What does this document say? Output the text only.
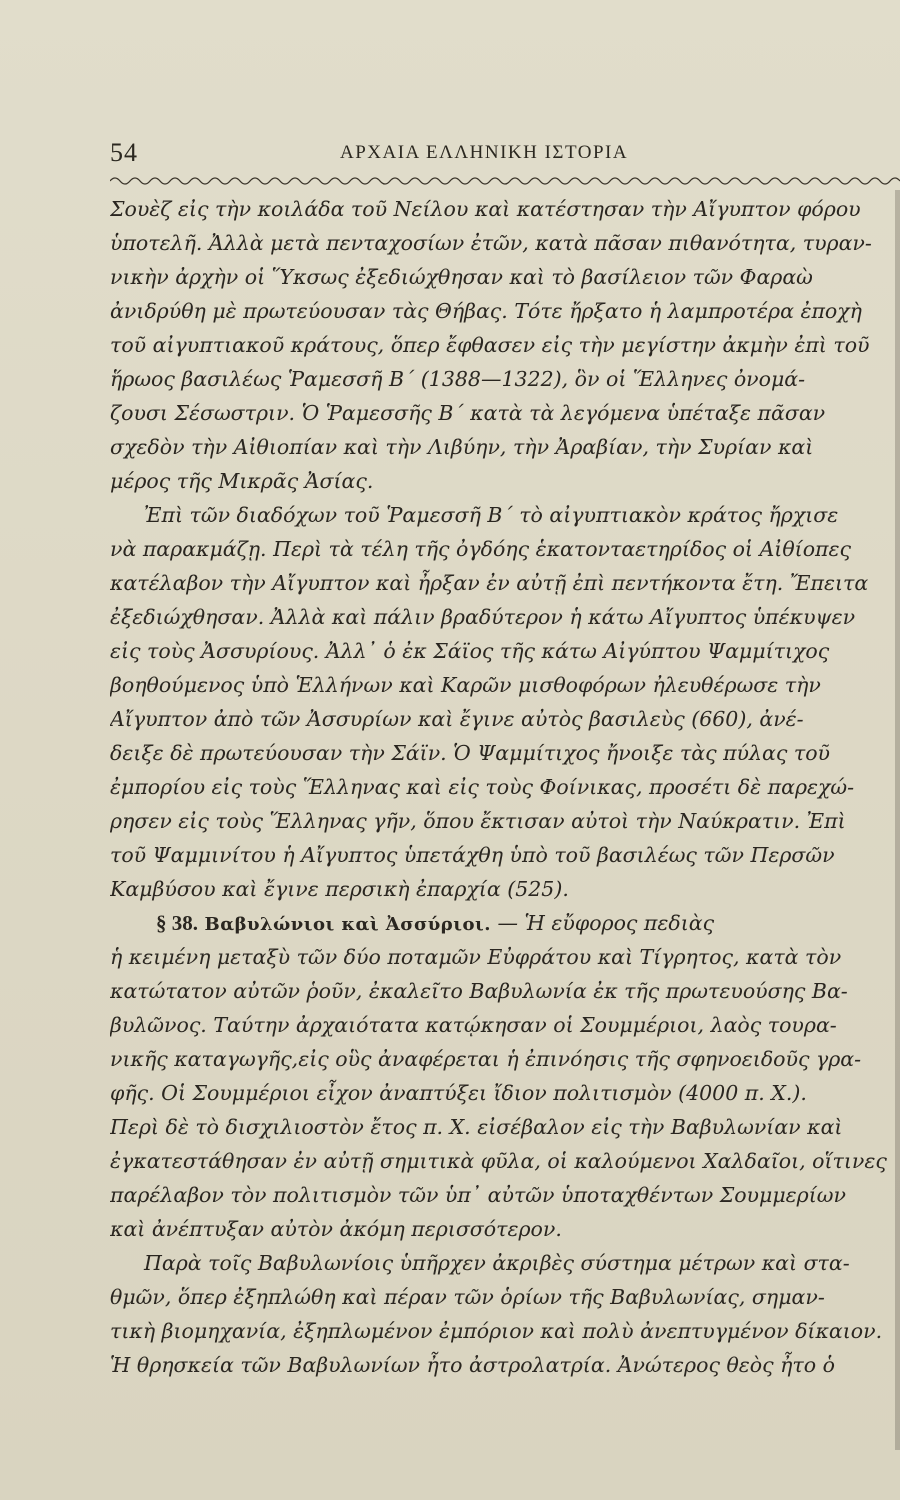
54	ΑΡΧΑΙΑ ΕΛΛΗΝΙΚΗ ΙΣΤΟΡΙΑ
Σουὲζ εἰς τὴν κοιλάδα τοῦ Νείλου καὶ κατέστησαν τὴν Αἴγυπτον φόρου
ὑποτελῆ. Ἀλλὰ μετὰ πενταχοσίων ἐτῶν, κατὰ πᾶσαν πιθανότητα, τυραν-
νικὴν ἀρχὴν οἱ Ὕκσως ἐξεδιώχθησαν καὶ τὸ βασίλειον τῶν Φαραὼ
ἀνιδρύθη μὲ πρωτεύουσαν τὰς Θήβας. Τότε ἤρξατο ἡ λαμπροτέρα ἐποχὴ
τοῦ αἰγυπτιακοῦ κράτους, ὅπερ ἔφθασεν εἰς τὴν μεγίστην ἀκμὴν ἐπὶ τοῦ
ἥρωος βασιλέως Ῥαμεσσῆ Β΄ (1388—1322), ὃν οἱ Ἕλληνες ὀνομά-
ζουσι Σέσωστριν. Ὁ Ῥαμεσσῆς Β΄ κατὰ τὰ λεγόμενα ὑπέταξε πᾶσαν
σχεδὸν τὴν Αἰθιοπίαν καὶ τὴν Λιβύην, τὴν Ἀραβίαν, τὴν Συρίαν καὶ
μέρος τῆς Μικρᾶς Ἀσίας.
Ἐπὶ τῶν διαδόχων τοῦ Ῥαμεσσῆ Β΄ τὸ αἰγυπτιακὸν κράτος ἤρχισε
νὰ παρακμάζῃ. Περὶ τὰ τέλη τῆς ὀγδόης ἑκατονταετηρίδος οἱ Αἰθίοπες
κατέλαβον τὴν Αἴγυπτον καὶ ἦρξαν ἐν αὐτῇ ἐπὶ πεντήκοντα ἔτη. Ἔπειτα
ἐξεδιώχθησαν. Ἀλλὰ καὶ πάλιν βραδύτερον ἡ κάτω Αἴγυπτος ὑπέκυψεν
εἰς τοὺς Ἀσσυρίους. Ἀλλ᾽ ὁ ἐκ Σάϊος τῆς κάτω Αἰγύπτου Ψαμμίτιχος
βοηθούμενος ὑπὸ Ἑλλήνων καὶ Καρῶν μισθοφόρων ἠλευθέρωσε τὴν
Αἴγυπτον ἀπὸ τῶν Ἀσσυρίων καὶ ἔγινε αὐτὸς βασιλεὺς (660), ἀνέ-
δειξε δὲ πρωτεύουσαν τὴν Σάϊν. Ὁ Ψαμμίτιχος ἤνοιξε τὰς πύλας τοῦ
ἐμπορίου εἰς τοὺς Ἕλληνας καὶ εἰς τοὺς Φοίνικας, προσέτι δὲ παρεχώ-
ρησεν εἰς τοὺς Ἕλληνας γῆν, ὅπου ἔκτισαν αὐτοὶ τὴν Ναύκρατιν. Ἐπὶ
τοῦ Ψαμμινίτου ἡ Αἴγυπτος ὑπετάχθη ὑπὸ τοῦ βασιλέως τῶν Περσῶν
Καμβύσου καὶ ἔγινε περσικὴ ἐπαρχία (525).
§ 38. Βαβυλώνιοι καὶ Ἀσσύριοι. — Ἡ εὔφορος πεδιὰς
ἡ κειμένη μεταξὺ τῶν δύο ποταμῶν Εὐφράτου καὶ Τίγρητος, κατὰ τὸν
κατώτατον αὐτῶν ῥοῦν, ἐκαλεῖτο Βαβυλωνία ἐκ τῆς πρωτευούσης Βα-
βυλῶνος. Ταύτην ἀρχαιότατα κατῴκησαν οἱ Σουμμέριοι, λαὸς τουρα-
νικῆς καταγωγῆς,εἰς οὓς ἀναφέρεται ἡ ἐπινόησις τῆς σφηνοειδοῦς γρα-
φῆς. Οἱ Σουμμέριοι εἶχον ἀναπτύξει ἴδιον πολιτισμὸν (4000 π. Χ.).
Περὶ δὲ τὸ δισχιλιοστὸν ἔτος π. Χ. εἰσέβαλον εἰς τὴν Βαβυλωνίαν καὶ
ἐγκατεστάθησαν ἐν αὐτῇ σημιτικὰ φῦλα, οἱ καλούμενοι Χαλδαῖοι, οἵτινες
παρέλαβον τὸν πολιτισμὸν τῶν ὑπ᾽ αὐτῶν ὑποταχθέντων Σουμμερίων
καὶ ἀνέπτυξαν αὐτὸν ἀκόμη περισσότερον.
Παρὰ τοῖς Βαβυλωνίοις ὑπῆρχεν ἀκριβὲς σύστημα μέτρων καὶ στα-
θμῶν, ὅπερ ἐξηπλώθη καὶ πέραν τῶν ὁρίων τῆς Βαβυλωνίας, σημαν-
τικὴ βιομηχανία, ἐξηπλωμένον ἐμπόριον καὶ πολὺ ἀνεπτυγμένον δίκαιον.
Ἡ θρησκεία τῶν Βαβυλωνίων ἦτο ἀστρολατρία. Ἀνώτερος θεὸς ἦτο ὁ
